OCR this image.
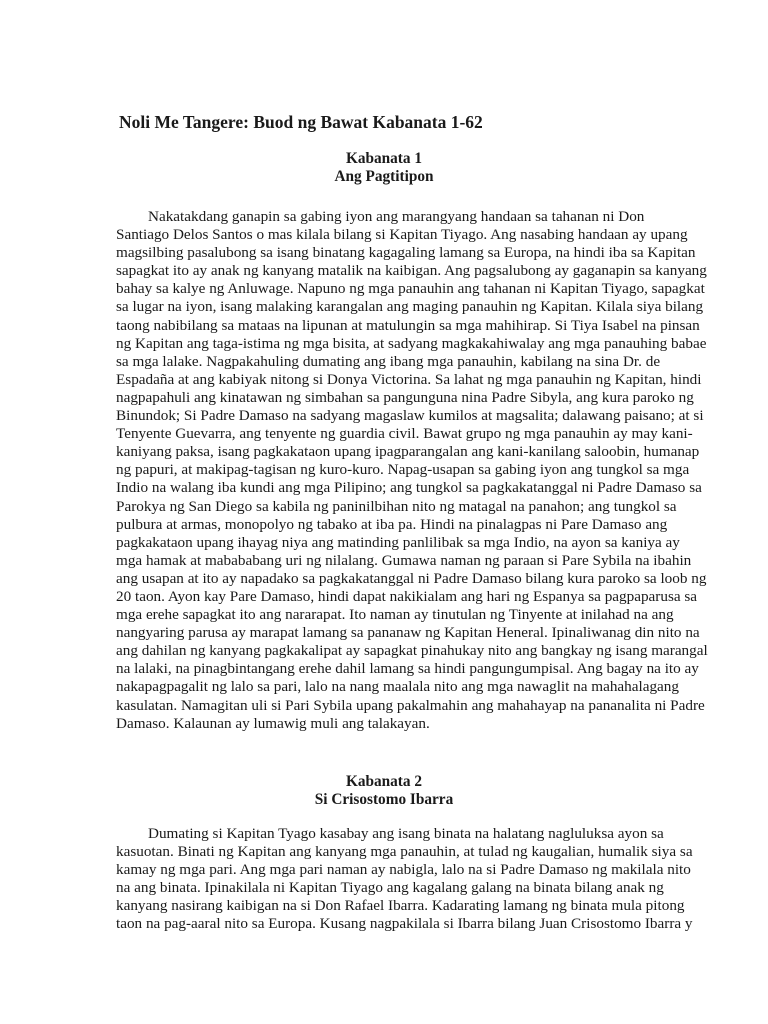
Noli Me Tangere: Buod ng Bawat Kabanata 1-62
Kabanata 1
Ang Pagtitipon
Nakatakdang ganapin sa gabing iyon ang marangyang handaan sa tahanan ni Don
Santiago Delos Santos o mas kilala bilang si Kapitan Tiyago. Ang nasabing handaan ay upang
magsilbing pasalubong sa isang binatang kagagaling lamang sa Europa, na hindi iba sa Kapitan
sapagkat ito ay anak ng kanyang matalik na kaibigan. Ang pagsalubong ay gaganapin sa kanyang
bahay sa kalye ng Anluwage. Napuno ng mga panauhin ang tahanan ni Kapitan Tiyago, sapagkat
sa lugar na iyon, isang malaking karangalan ang maging panauhin ng Kapitan. Kilala siya bilang
taong nabibilang sa mataas na lipunan at matulungin sa mga mahihirap. Si Tiya Isabel na pinsan
ng Kapitan ang taga-istima ng mga bisita, at sadyang magkakahiwalay ang mga panauhing babae
sa mga lalake. Nagpakahuling dumating ang ibang mga panauhin, kabilang na sina Dr. de
Espadaña at ang kabiyak nitong si Donya Victorina. Sa lahat ng mga panauhin ng Kapitan, hindi
nagpapahuli ang kinatawan ng simbahan sa pangunguna nina Padre Sibyla, ang kura paroko ng
Binundok; Si Padre Damaso na sadyang magaslaw kumilos at magsalita; dalawang paisano; at si
Tenyente Guevarra, ang tenyente ng guardia civil. Bawat grupo ng mga panauhin ay may kani-
kaniyang paksa, isang pagkakataon upang ipagparangalan ang kani-kanilang saloobin, humanap
ng papuri, at makipag-tagisan ng kuro-kuro. Napag-usapan sa gabing iyon ang tungkol sa mga
Indio na walang iba kundi ang mga Pilipino; ang tungkol sa pagkakatanggal ni Padre Damaso sa
Parokya ng San Diego sa kabila ng paninilbihan nito ng matagal na panahon; ang tungkol sa
pulbura at armas, monopolyo ng tabako at iba pa. Hindi na pinalagpas ni Pare Damaso ang
pagkakataon upang ihayag niya ang matinding panlilibak sa mga Indio, na ayon sa kaniya ay
mga hamak at mabababang uri ng nilalang. Gumawa naman ng paraan si Pare Sybila na ibahin
ang usapan at ito ay napadako sa pagkakatanggal ni Padre Damaso bilang kura paroko sa loob ng
20 taon. Ayon kay Pare Damaso, hindi dapat nakikialam ang hari ng Espanya sa pagpaparusa sa
mga erehe sapagkat ito ang nararapat. Ito naman ay tinutulan ng Tinyente at inilahad na ang
nangyaring parusa ay marapat lamang sa pananaw ng Kapitan Heneral. Ipinaliwanag din nito na
ang dahilan ng kanyang pagkakalipat ay sapagkat pinahukay nito ang bangkay ng isang marangal
na lalaki, na pinagbintangang erehe dahil lamang sa hindi pangungumpisal. Ang bagay na ito ay
nakapagpagalit ng lalo sa pari, lalo na nang maalala nito ang mga nawaglit na mahahalagang
kasulatan. Namagitan uli si Pari Sybila upang pakalmahin ang mahahayap na pananalita ni Padre
Damaso. Kalaunan ay lumawig muli ang talakayan.
Kabanata 2
Si Crisostomo Ibarra
Dumating si Kapitan Tyago kasabay ang isang binata na halatang nagluluksa ayon sa
kasuotan. Binati ng Kapitan ang kanyang mga panauhin, at tulad ng kaugalian, humalik siya sa
kamay ng mga pari. Ang mga pari naman ay nabigla, lalo na si Padre Damaso ng makilala nito
na ang binata. Ipinakilala ni Kapitan Tiyago ang kagalang galang na binata bilang anak ng
kanyang nasirang kaibigan na si Don Rafael Ibarra. Kadarating lamang ng binata mula pitong
taon na pag-aaral nito sa Europa. Kusang nagpakilala si Ibarra bilang Juan Crisostomo Ibarra y
